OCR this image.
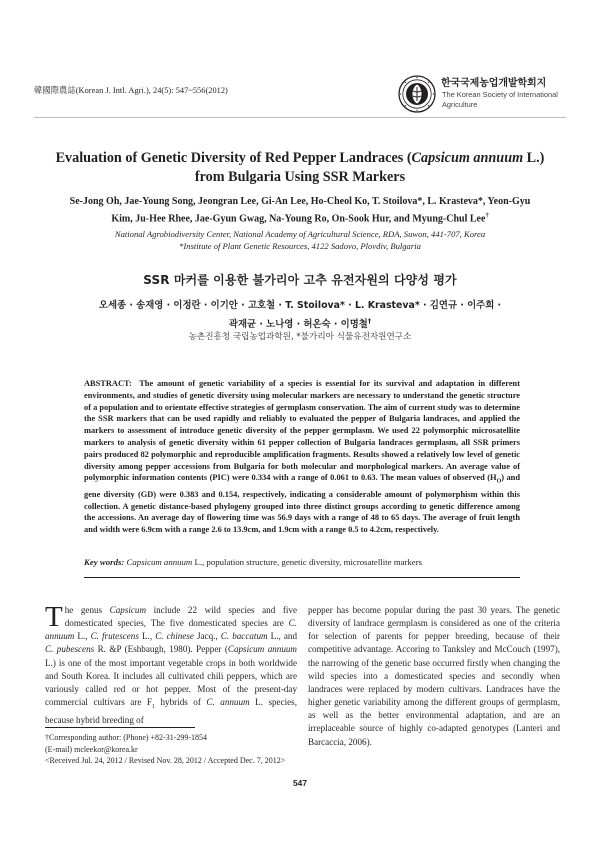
韓國際農誌(Korean J. Intl. Agri.), 24(5): 547~556(2012)
한국국제농업개발학회지
The Korean Society of International Agriculture
Evaluation of Genetic Diversity of Red Pepper Landraces (Capsicum annuum L.)
from Bulgaria Using SSR Markers
Se-Jong Oh, Jae-Young Song, Jeongran Lee, Gi-An Lee, Ho-Cheol Ko, T. Stoilova*, L. Krasteva*, Yeon-Gyu
Kim, Ju-Hee Rhee, Jae-Gyun Gwag, Na-Young Ro, On-Sook Hur, and Myung-Chul Lee†
National Agrobiodiversity Center, National Academy of Agricultural Science, RDA, Suwon, 441-707, Korea
*Institute of Plant Genetic Resources, 4122 Sadovo, Plovdiv, Bulgaria
SSR 마커를 이용한 불가리아 고추 유전자원의 다양성 평가
오세종 · 송재영 · 이정란 · 이기안 · 고호철 · T. Stoilova* · L. Krasteva* · 김연규 · 이주희 ·
곽재균 · 노나영 · 허온숙 · 이명철†
농촌진흥청 국립농업과학원, *불가리아 식물유전자원연구소

ABSTRACT: The amount of genetic variability of a species is essential for its survival and adaptation in different environments, and studies of genetic diversity using molecular markers are necessary to understand the genetic structure of a population and to orientate effective strategies of germplasm conservation. The aim of current study was to determine the SSR markers that can be used rapidly and reliably to evaluated the pepper of Bulgaria landraces, and applied the markers to assessment of introduce genetic diversity of the pepper germplasm. We used 22 polymorphic microsatellite markers to analysis of genetic diversity within 61 pepper collection of Bulgaria landraces germplasm, all SSR primers pairs produced 82 polymorphic and reproducible amplification fragments. Results showed a relatively low level of genetic diversity among pepper accessions from Bulgaria for both molecular and morphological markers. An average value of polymorphic information contents (PIC) were 0.334 with a range of 0.061 to 0.63. The mean values of observed $(H_O)$ and gene diversity (GD) were 0.383 and 0.154, respectively, indicating a considerable amount of polymorphism within this collection. A genetic distance-based phylogeny grouped into three distinct groups according to genetic difference among the accessions. An average day of flowering time was 56.9 days with a range of 48 to 65 days. The average of fruit length and width were 6.9cm with a range 2.6 to 13.9cm, and 1.9cm with a range 0.5 to 4.2cm, respectively.

Key words: Capsicum annuum L., population structure, genetic diversity, microsatellite markers

The genus Capsicum include 22 wild species and five domesticated species, The five domesticated species are C. annuum L., C. frutescens L., C. chinese Jacq., C. baccatum L., and C. pubescens R. &P (Eshbaugh, 1980). Pepper (Capsicum annuum L.) is one of the most important vegetable crops in both worldwide and South Korea. It includes all cultivated chili peppers, which are variously called red or hot pepper. Most of the present-day commercial cultivars are $F_1$ hybrids of C. annuum L. species, because hybrid breeding of

pepper has become popular during the past 30 years. The genetic diversity of landrace germplasm is considered as one of the criteria for selection of parents for pepper breeding, because of their competitive advantage. Accoring to Tanksley and McCouch (1997), the narrowing of the genetic base occurred firstly when changing the wild species into a domesticated species and secondly when landraces were replaced by modern cultivars. Landraces have the higher genetic variability among the different groups of germplasm, as well as the better environmental adaptation, and are an irreplaceable source of highly co-adapted genotypes (Lanteri and Barcaccia, 2006).

†Corresponding author: (Phone) +82-31-299-1854
(E-mail) mcleekor@korea.kr
<Received Jul. 24, 2012 / Revised Nov. 28, 2012 / Accepted Dec. 7, 2012>
547
